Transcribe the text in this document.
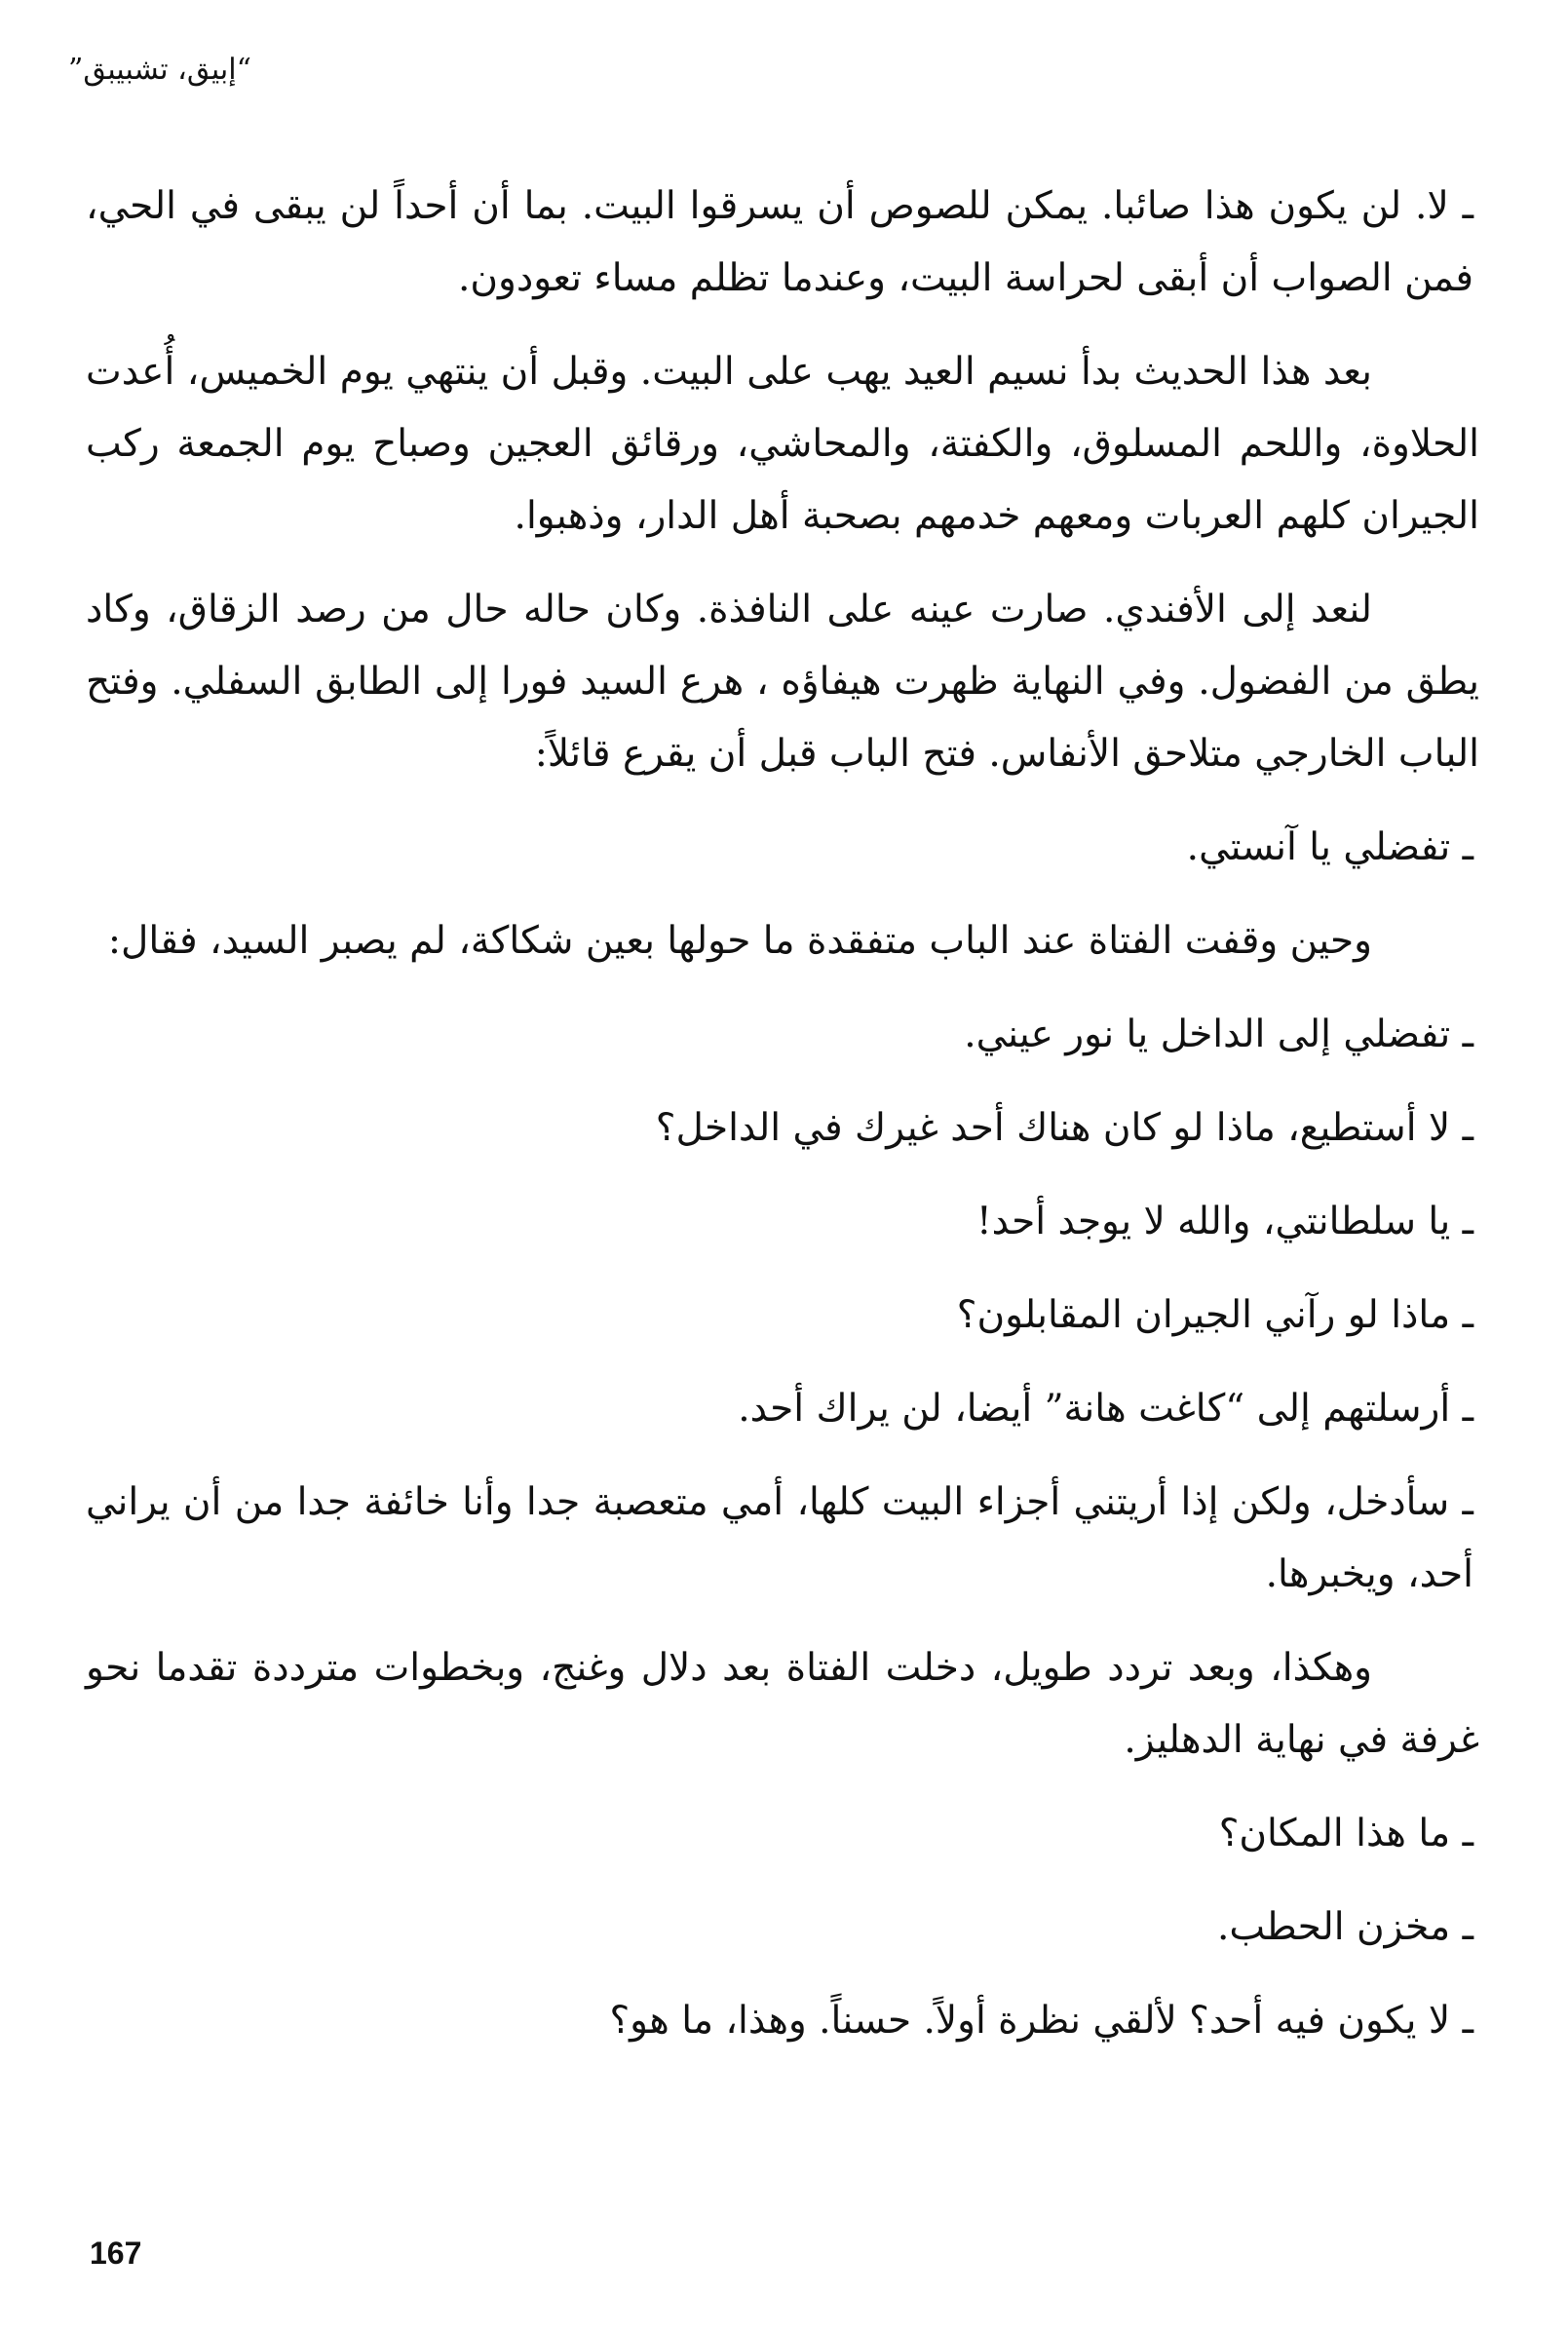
“إبيق، تشبيبق”

ـ لا. لن يكون هذا صائبا. يمكن للصوص أن يسرقوا البيت. بما أن أحداً لن يبقى في الحي، فمن الصواب أن أبقى لحراسة البيت، وعندما تظلم مساء تعودون.

بعد هذا الحديث بدأ نسيم العيد يهب على البيت. وقبل أن ينتهي يوم الخميس، أُعدت الحلاوة، واللحم المسلوق، والكفتة، والمحاشي، ورقائق العجين وصباح يوم الجمعة ركب الجيران كلهم العربات ومعهم خدمهم بصحبة أهل الدار، وذهبوا.

لنعد إلى الأفندي. صارت عينه على النافذة. وكان حاله حال من رصد الزقاق، وكاد يطق من الفضول. وفي النهاية ظهرت هيفاؤه ، هرع السيد فورا إلى الطابق السفلي. وفتح الباب الخارجي متلاحق الأنفاس. فتح الباب قبل أن يقرع قائلاً:

ـ تفضلي يا آنستي.

وحين وقفت الفتاة عند الباب متفقدة ما حولها بعين شكاكة، لم يصبر السيد، فقال:

ـ تفضلي إلى الداخل يا نور عيني.

ـ لا أستطيع، ماذا لو كان هناك أحد غيرك في الداخل؟

ـ يا سلطانتي، والله لا يوجد أحد!

ـ ماذا لو رآني الجيران المقابلون؟

ـ أرسلتهم إلى “كاغت هانة” أيضا، لن يراك أحد.

ـ سأدخل، ولكن إذا أريتني أجزاء البيت كلها، أمي متعصبة جدا وأنا خائفة جدا من أن يراني أحد، ويخبرها.

وهكذا، وبعد تردد طويل، دخلت الفتاة بعد دلال وغنج، وبخطوات مترددة تقدما نحو غرفة في نهاية الدهليز.

ـ ما هذا المكان؟

ـ مخزن الحطب.

ـ لا يكون فيه أحد؟ لألقي نظرة أولاً. حسناً. وهذا، ما هو؟

167
